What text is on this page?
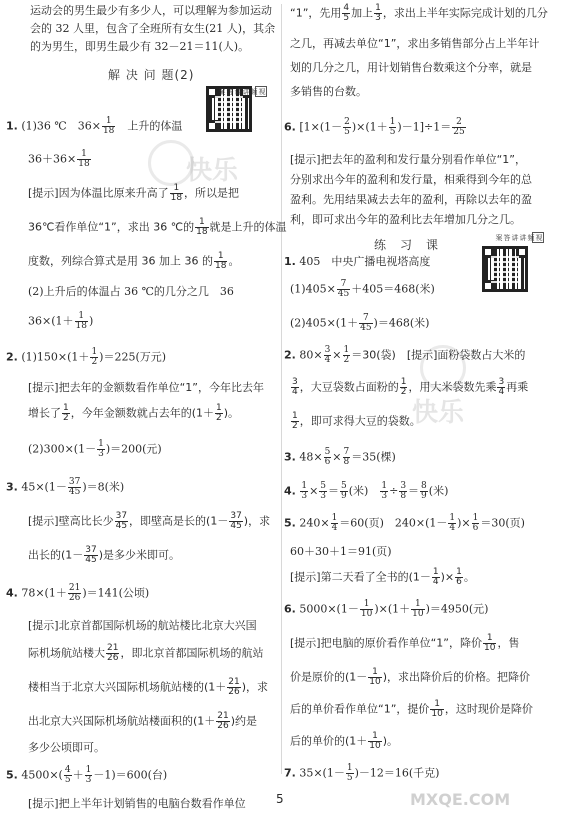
快乐
快乐
MXQE.COM
运动会的男生最少有多少人，可以理解为参加运动
会的 32 人里，包含了全班所有女生(21 人)，其余
的为男生，即男生最少有 32－21＝11(人)。
解 决 问 题(2)
视频讲讲答案
1. (1)36 ℃　$36\times \frac{1}{18}$ 　上升的体温
$36+36\times \frac{1}{18}$
[提示]因为体温比原来升高了 $\frac{1}{18}$ ，所以是把
36℃看作单位“1”，求出 36 ℃的 $\frac{1}{18}$ 就是上升的体温
度数，列综合算式是用 36 加上 36 的 $\frac{1}{18}$ 。
(2)上升后的体温占 36 ℃的几分之几　36
$36\times(1+ \frac{1}{18}$ )
2. $(1)150\times(1+ \frac{1}{2} )=225$(万元)
[提示]把去年的金额数看作单位“1”，今年比去年
增长了 $\frac{1}{2}$ ，今年金额数就占去年的($1+ \frac{1}{2}$ )。
$(2)300\times(1- \frac{1}{3} )=200$(元)
3. $45\times(1- \frac{37}{45} )=8$(米)
[提示]壁高比长少 $\frac{37}{45}$ ，即壁高是长的($1- \frac{37}{45}$ )，求
出长的($1- \frac{37}{45}$ )是多少米即可。
4. $78\times(1+ \frac{21}{26} )=141$(公顷)
[提示]北京首都国际机场的航站楼比北京大兴国
际机场航站楼大 $\frac{21}{26}$ ，即北京首都国际机场的航站
楼相当于北京大兴国际机场航站楼的($1+ \frac{21}{26}$ )，求
出北京大兴国际机场航站楼面积的($1+ \frac{21}{26}$ )约是
多少公顷即可。
5. $4500\times( \frac{4}{5} + \frac{1}{3} -1)=600$(台)
[提示]把上半年计划销售的电脑台数看作单位
“1”，先用 $\frac{4}{5}$ 加上 $\frac{1}{3}$ ，求出上半年实际完成计划的几分
之几，再减去单位“1”，求出多销售部分占上半年计
划的几分之几，用计划销售台数乘这个分率，就是
多销售的台数。
6. $[1\times(1- \frac{2}{5} )\times(1+ \frac{1}{5} )-1]\div 1= \frac{2}{25}$
[提示]把去年的盈利和发行量分别看作单位“1”，
分别求出今年的盈利和发行量，相乘得到今年的总
盈利。先用结果减去去年的盈利，再除以去年的盈
利，即可求出今年的盈利比去年增加几分之几。
练　习　课
视频讲讲答案
1. 405　中央广播电视塔高度
$(1)405\times \frac{7}{45} +405=468$(米)
$(2)405\times(1+ \frac{7}{45} )=468$(米)
2. $80\times \frac{3}{4} \times \frac{1}{2} =30$(袋)　[提示]面粉袋数占大米的
$\frac{3}{4}$ ，大豆袋数占面粉的 $\frac{1}{2}$ ，用大米袋数先乘 $\frac{3}{4}$ 再乘
$\frac{1}{2}$ ，即可求得大豆的袋数。
3. $48\times \frac{5}{6} \times \frac{7}{8} =35$(棵)
4. $\frac{1}{3} \times \frac{5}{3} = \frac{5}{9}$ (米)　 $\frac{1}{3} \div \frac{3}{8} = \frac{8}{9}$ (米)
5. $240\times \frac{1}{4} =60$(页)　$240\times(1- \frac{1}{4}$ )× $\frac{1}{6} =30$(页)
60＋30＋1＝91(页)
[提示]第二天看了全书的($1- \frac{1}{4}$ )× $\frac{1}{6}$ 。
6. $5000\times(1- \frac{1}{10} )\times(1+ \frac{1}{10} )=4950$(元)
[提示]把电脑的原价看作单位“1”，降价 $\frac{1}{10}$ ，售
价是原价的($1- \frac{1}{10}$ )，求出降价后的价格。把降价
后的单价看作单位“1”，提价 $\frac{1}{10}$ ，这时现价是降价
后的单价的($1+ \frac{1}{10}$ )。
7. $35\times(1- \frac{1}{5} )-12=16$(千克)
5
